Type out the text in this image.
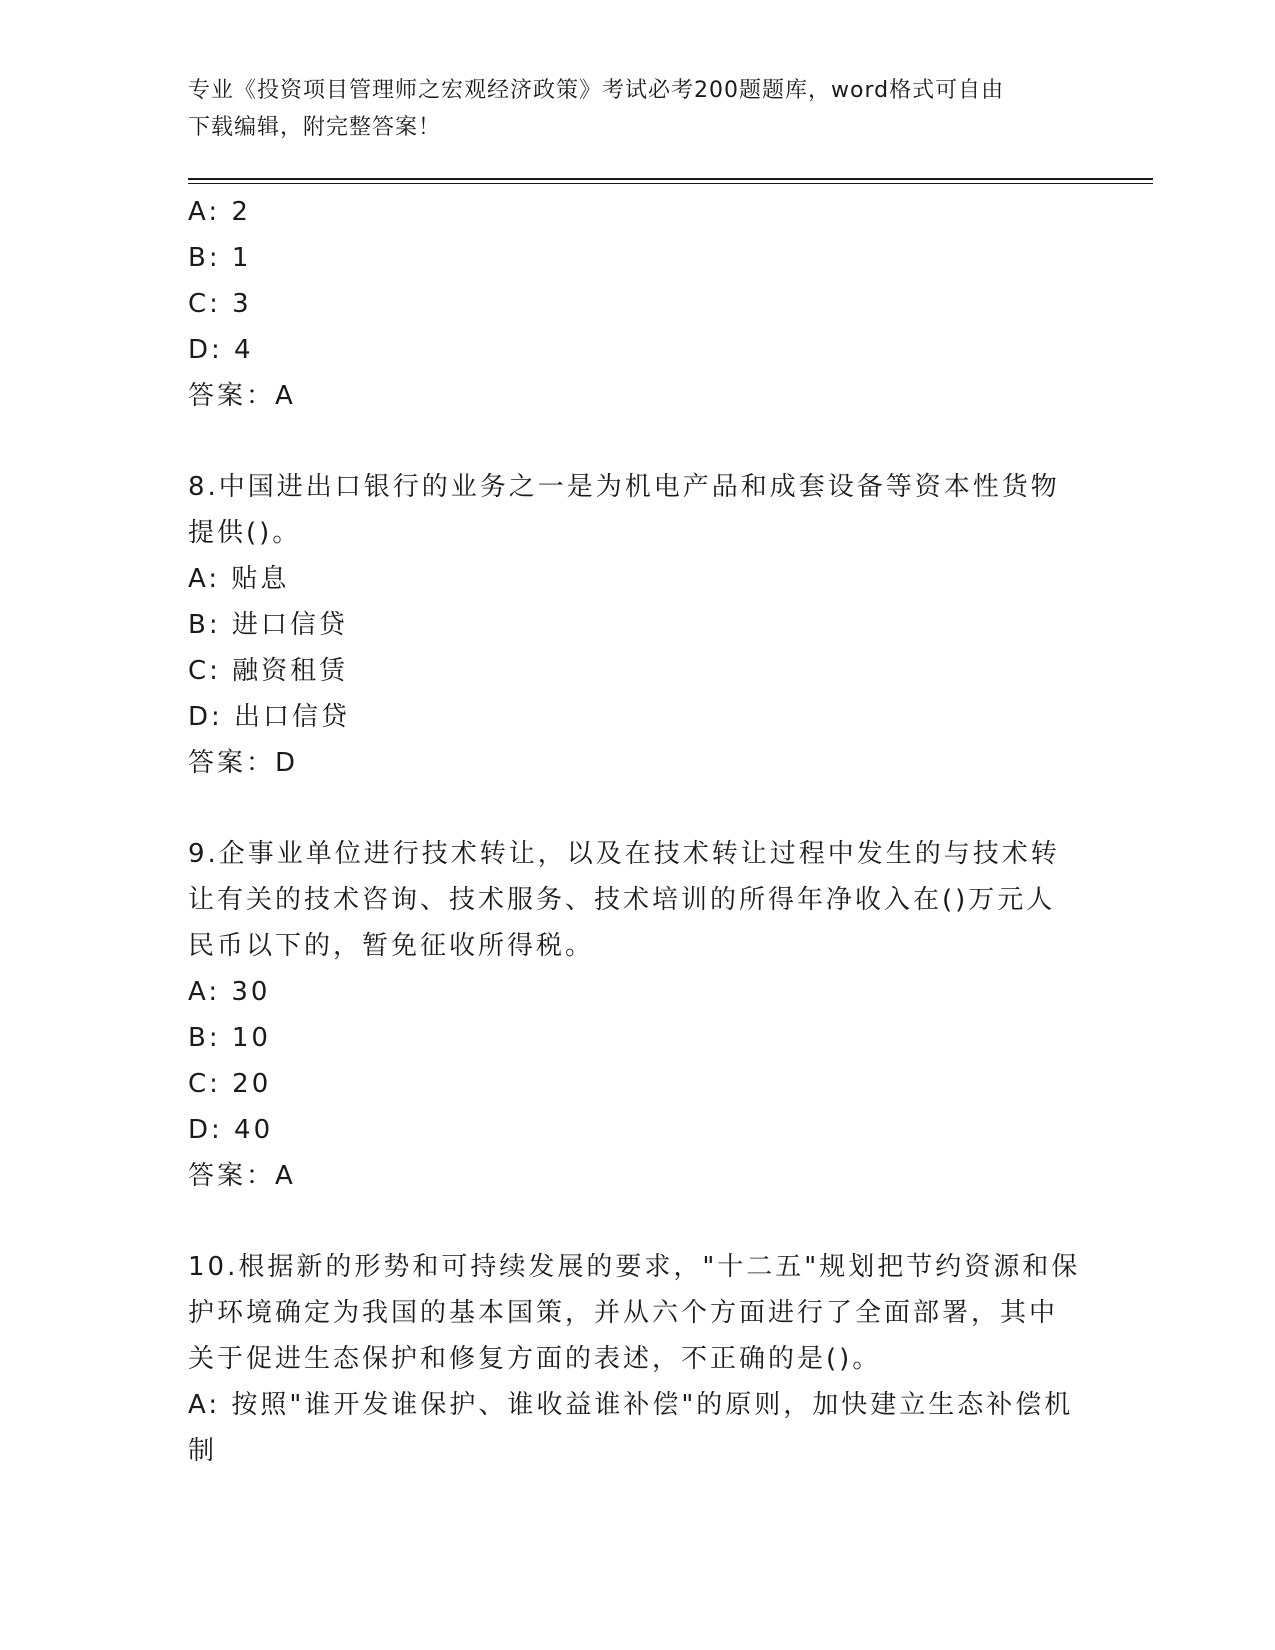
专业《投资项目管理师之宏观经济政策》考试必考200题题库，word格式可自由
下载编辑，附完整答案！
A: 2
B: 1
C: 3
D: 4
答案：A
8.中国进出口银行的业务之一是为机电产品和成套设备等资本性货物
提供()。
A: 贴息
B: 进口信贷
C: 融资租赁
D: 出口信贷
答案：D
9.企事业单位进行技术转让，以及在技术转让过程中发生的与技术转
让有关的技术咨询、技术服务、技术培训的所得年净收入在()万元人
民币以下的，暂免征收所得税。
A: 30
B: 10
C: 20
D: 40
答案：A
10.根据新的形势和可持续发展的要求，"十二五"规划把节约资源和保
护环境确定为我国的基本国策，并从六个方面进行了全面部署，其中
关于促进生态保护和修复方面的表述，不正确的是()。
A: 按照"谁开发谁保护、谁收益谁补偿"的原则，加快建立生态补偿机
制
